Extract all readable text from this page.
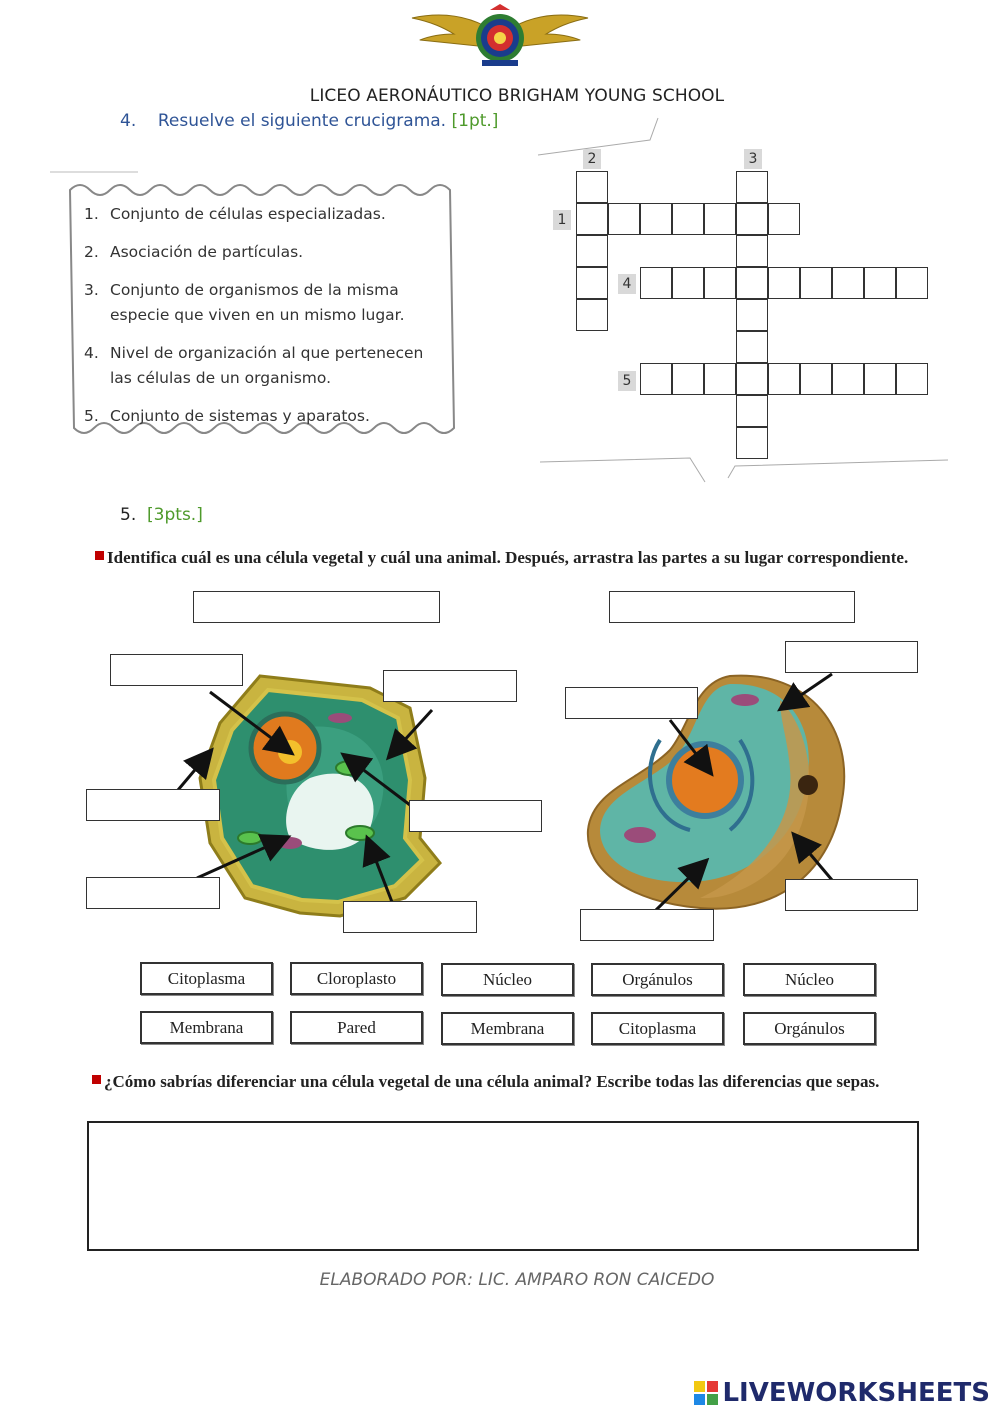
LICEO AERONÁUTICO BRIGHAM YOUNG SCHOOL
4. Resuelve el siguiente crucigrama. [1pt.]
1. Conjunto de células especializadas.
2. Asociación de partículas.
3. Conjunto de organismos de la misma especie que viven en un mismo lugar.
4. Nivel de organización al que pertenecen las células de un organismo.
5. Conjunto de sistemas y aparatos.
2	3
1
4
5
5. [3pts.]
Identifica cuál es una célula vegetal y cuál una animal. Después, arrastra las partes a su lugar correspondiente.
Citoplasma	Cloroplasto	Núcleo	Orgánulos	Núcleo
Membrana	Pared	Membrana	Citoplasma	Orgánulos
¿Cómo sabrías diferenciar una célula vegetal de una célula animal? Escribe todas las diferencias que sepas.
ELABORADO POR: LIC. AMPARO RON CAICEDO
LIVEWORKSHEETS
